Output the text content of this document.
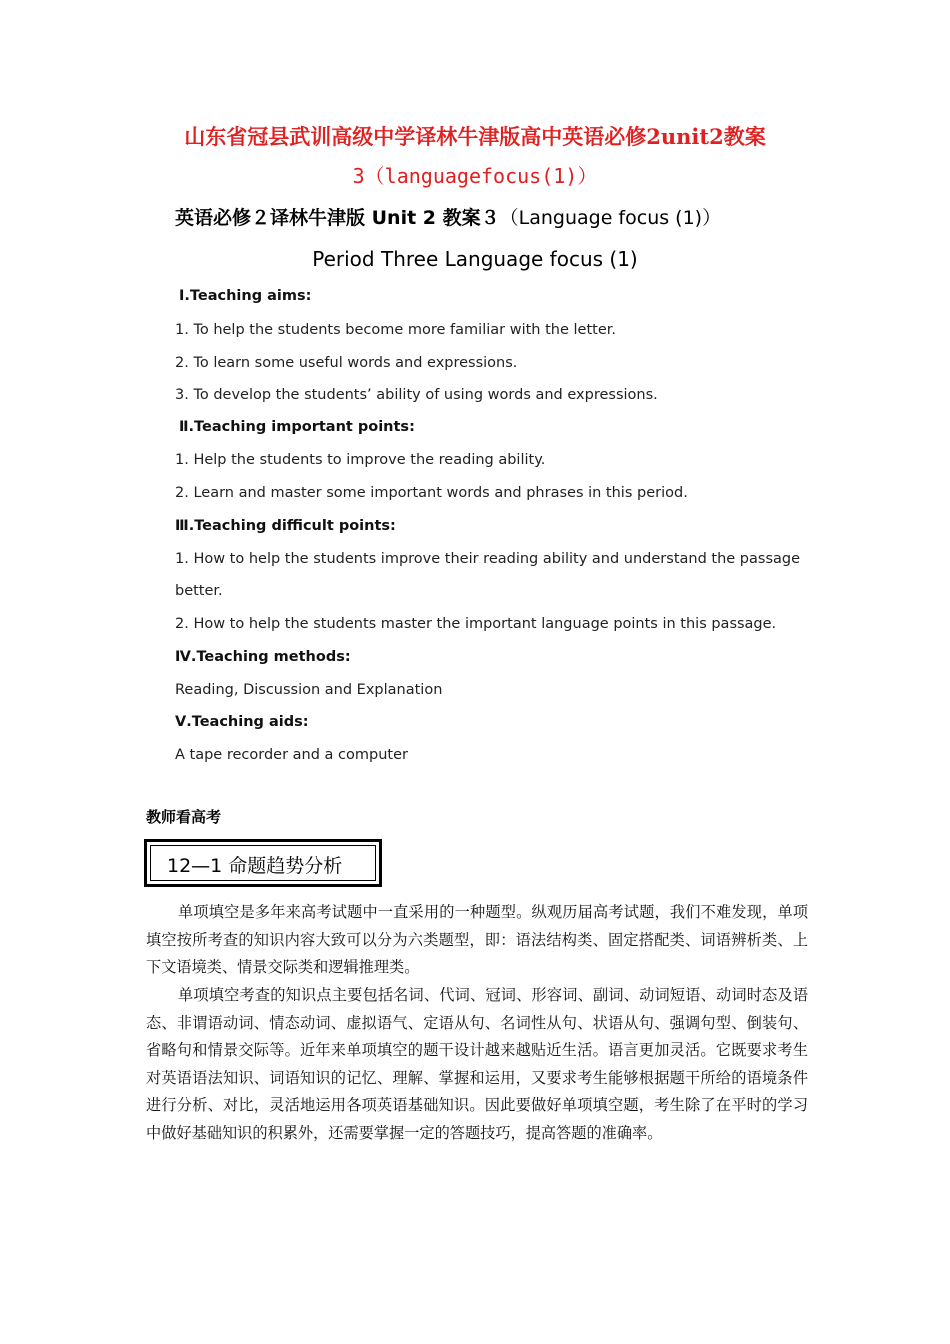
山东省冠县武训高级中学译林牛津版高中英语必修2unit2教案
3（languagefocus(1)）
英语必修２译林牛津版 Unit 2 教案３（Language focus (1)）
Period Three Language focus (1)
Ⅰ.Teaching aims:
1. To help the students become more familiar with the letter.
2. To learn some useful words and expressions.
3. To develop the students’ ability of using words and expressions.
Ⅱ.Teaching important points:
1. Help the students to improve the reading ability.
2. Learn and master some important words and phrases in this period.
Ⅲ.Teaching difficult points:
1. How to help the students improve their reading ability and understand the passage
better.
2. How to help the students master the important language points in this passage.
Ⅳ.Teaching methods:
Reading, Discussion and Explanation
Ⅴ.Teaching aids:
A tape recorder and a computer
教师看高考
12—1 命题趋势分析
单项填空是多年来高考试题中一直采用的一种题型。纵观历届高考试题，我们不难发现，单项填空按所考查的知识内容大致可以分为六类题型，即：语法结构类、固定搭配类、词语辨析类、上下文语境类、情景交际类和逻辑推理类。
单项填空考查的知识点主要包括名词、代词、冠词、形容词、副词、动词短语、动词时态及语态、非谓语动词、情态动词、虚拟语气、定语从句、名词性从句、状语从句、强调句型、倒装句、省略句和情景交际等。近年来单项填空的题干设计越来越贴近生活。语言更加灵活。它既要求考生对英语语法知识、词语知识的记忆、理解、掌握和运用，又要求考生能够根据题干所给的语境条件进行分析、对比，灵活地运用各项英语基础知识。因此要做好单项填空题，考生除了在平时的学习中做好基础知识的积累外，还需要掌握一定的答题技巧，提高答题的准确率。
